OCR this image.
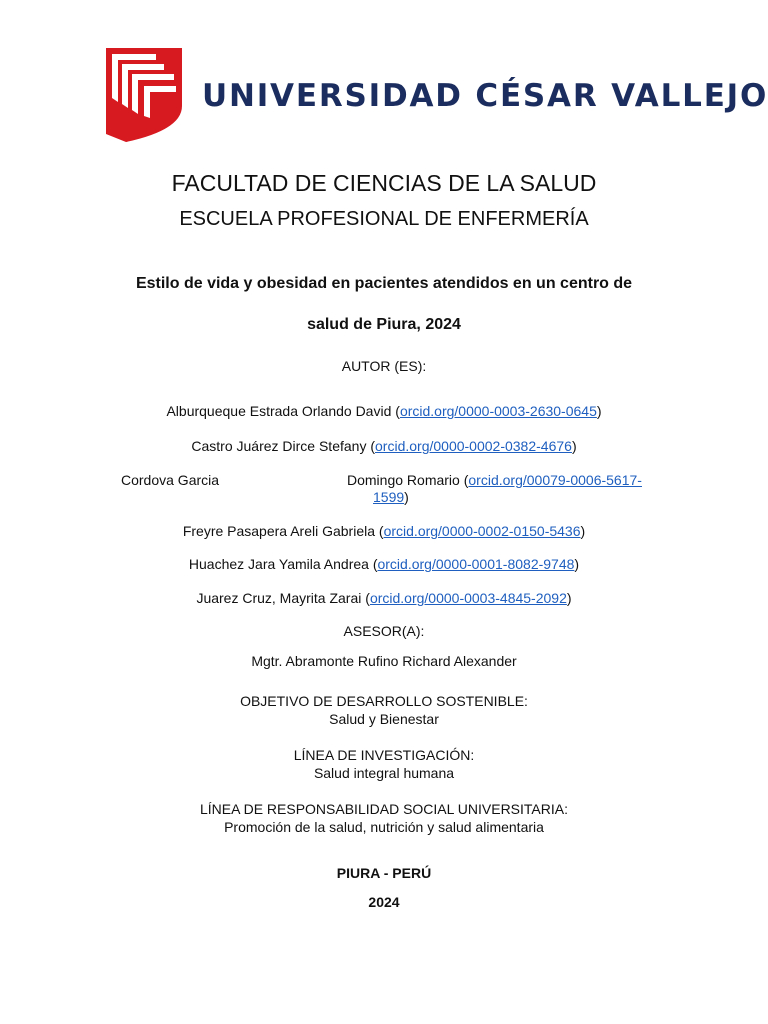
UNIVERSIDAD CÉSAR VALLEJO
FACULTAD DE CIENCIAS DE LA SALUD
ESCUELA PROFESIONAL DE ENFERMERÍA
Estilo de vida y obesidad en pacientes atendidos en un centro de
salud de Piura, 2024
AUTOR (ES):
Alburqueque Estrada Orlando David (orcid.org/0000-0003-2630-0645)
Castro Juárez Dirce Stefany (orcid.org/0000-0002-0382-4676)
Cordova Garcia	Domingo Romario (orcid.org/00079-0006-5617-
1599)
Freyre Pasapera Areli Gabriela (orcid.org/0000-0002-0150-5436)
Huachez Jara Yamila Andrea (orcid.org/0000-0001-8082-9748)
Juarez Cruz, Mayrita Zarai (orcid.org/0000-0003-4845-2092)
ASESOR(A):
Mgtr. Abramonte Rufino Richard Alexander
OBJETIVO DE DESARROLLO SOSTENIBLE:
Salud y Bienestar
LÍNEA DE INVESTIGACIÓN:
Salud integral humana
LÍNEA DE RESPONSABILIDAD SOCIAL UNIVERSITARIA:
Promoción de la salud, nutrición y salud alimentaria
PIURA - PERÚ
2024
